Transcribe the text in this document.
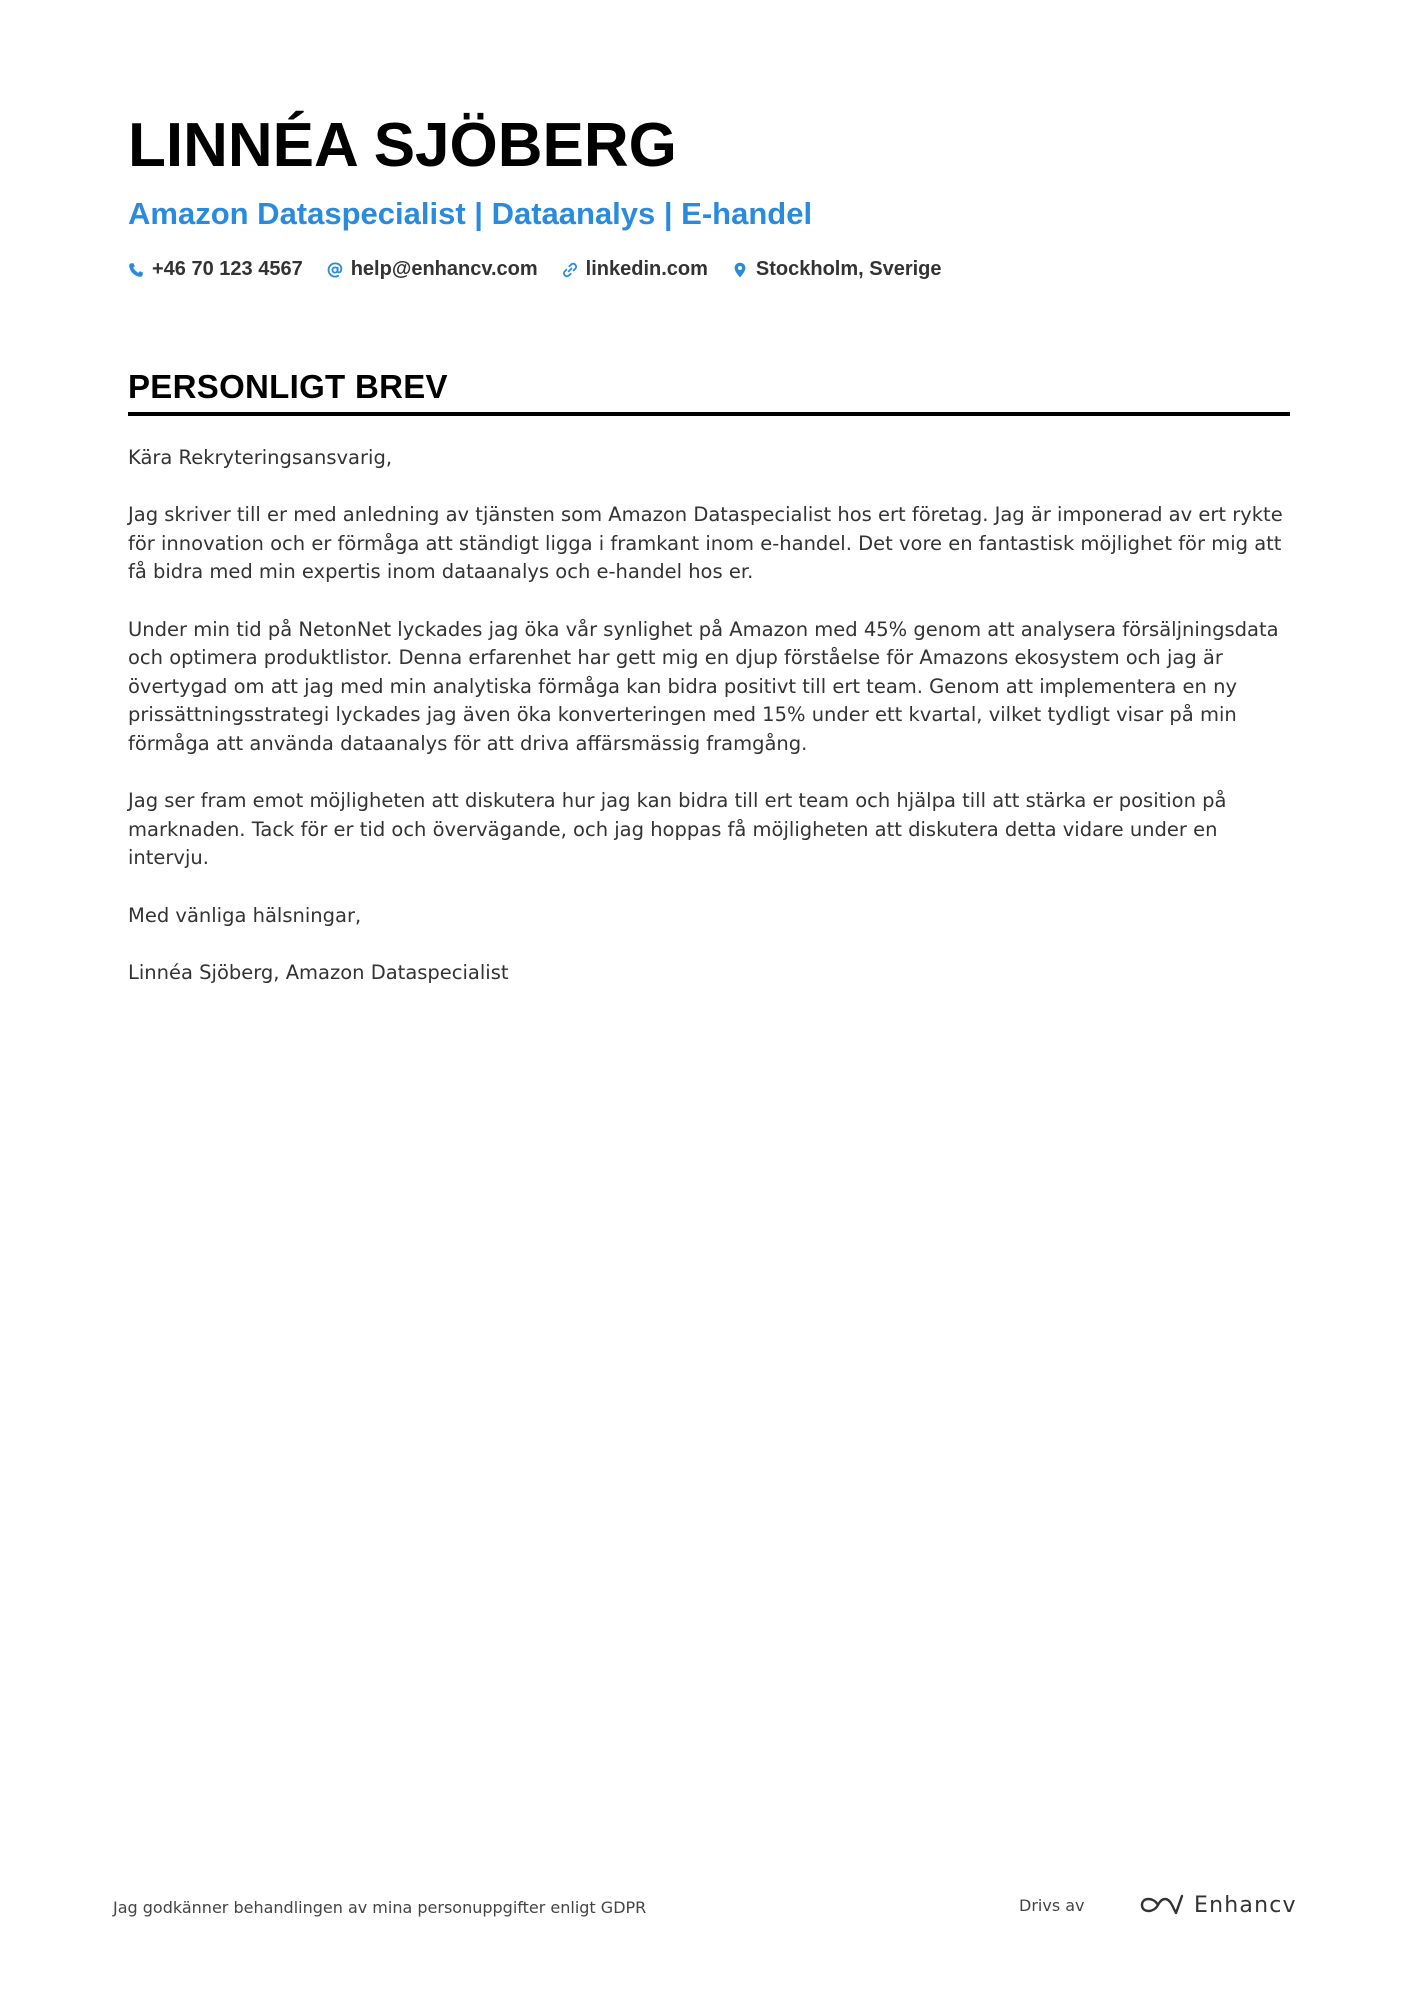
LINNÉA SJÖBERG
Amazon Dataspecialist | Dataanalys | E-handel
+46 70 123 4567 help@enhancv.com linkedin.com Stockholm, Sverige
PERSONLIGT BREV

Kära Rekryteringsansvarig,

Jag skriver till er med anledning av tjänsten som Amazon Dataspecialist hos ert företag. Jag är imponerad av ert rykte för innovation och er förmåga att ständigt ligga i framkant inom e-handel. Det vore en fantastisk möjlighet för mig att få bidra med min expertis inom dataanalys och e-handel hos er.

Under min tid på NetonNet lyckades jag öka vår synlighet på Amazon med 45% genom att analysera försäljningsdata och optimera produktlistor. Denna erfarenhet har gett mig en djup förståelse för Amazons ekosystem och jag är övertygad om att jag med min analytiska förmåga kan bidra positivt till ert team. Genom att implementera en ny prissättningsstrategi lyckades jag även öka konverteringen med 15% under ett kvartal, vilket tydligt visar på min förmåga att använda dataanalys för att driva affärsmässig framgång.

Jag ser fram emot möjligheten att diskutera hur jag kan bidra till ert team och hjälpa till att stärka er position på marknaden. Tack för er tid och övervägande, och jag hoppas få möjligheten att diskutera detta vidare under en intervju.

Med vänliga hälsningar,

Linnéa Sjöberg, Amazon Dataspecialist

Jag godkänner behandlingen av mina personuppgifter enligt GDPR	Drivs av	Enhancv
